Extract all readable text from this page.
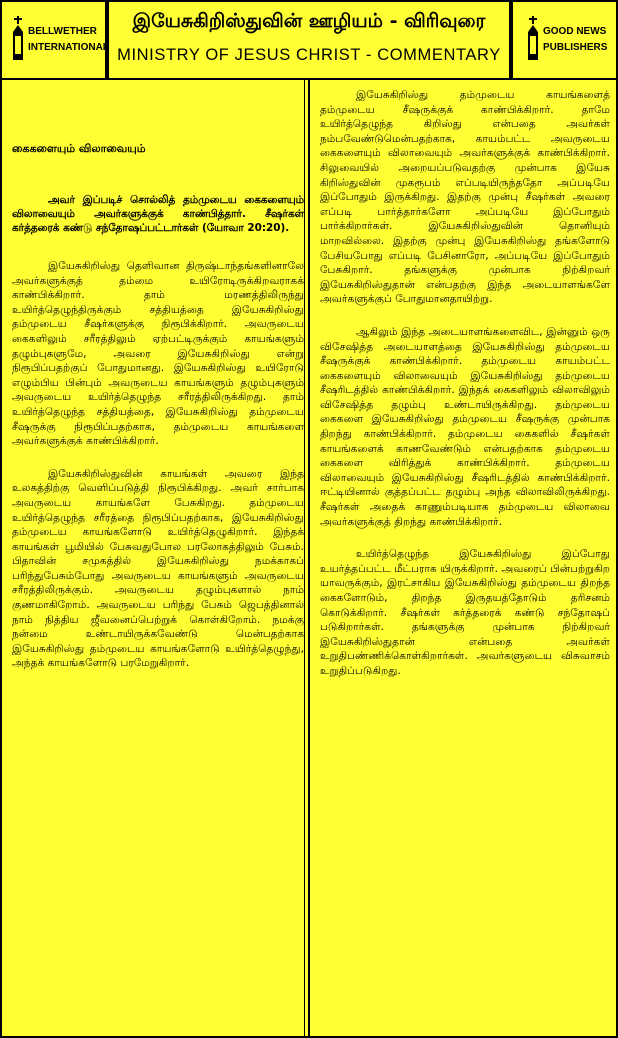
BELLWETHER
INTERNATIONAL
இயேசுகிறிஸ்துவின் ஊழியம் - விரிவுரை
MINISTRY OF JESUS CHRIST - COMMENTARY
GOOD NEWS
PUBLISHERS
கைகளையும் விலாவையும்

அவர் இப்படிச் சொல்லித் தம்முடைய கைகளையும் விலாவையும் அவர்களுக்குக் காண்பித்தார். சீஷர்கள் கர்த்தரைக் கண்டு சந்தோஷப்பட்டார்கள் (யோவா 20:20).

இயேசுகிறிஸ்து தெளிவான திருஷ்டாந்தங்களினாலே அவர்களுக்குத் தம்மை உயிரோடிருக்கிறவராகக் காண்பிக்கிறார். தாம் மரணத்திலிருந்து உயிர்த்தெழுந்திருக்கும் சத்தியத்தை இயேசுகிறிஸ்து தம்முடைய சீஷர்களுக்கு நிரூபிக்கிறார். அவருடைய கைகளிலும் சரீரத்திலும் ஏற்பட்டிருக்கும் காயங்களும் தழும்புகளுமே, அவரை இயேசுகிறிஸ்து என்று நிரூபிப்பதற்குப் போதுமானது. இயேசுகிறிஸ்து உயிரோடு எழும்பிய பின்பும் அவருடைய காயங்களும் தழும்புகளும் அவருடைய உயிர்த்தெழுந்த சரீரத்திலிருக்கிறது. தாம் உயிர்த்தெழுந்த சத்தியத்தை, இயேசுகிறிஸ்து தம்முடைய சீஷருக்கு நிரூபிப்பதற்காக, தம்முடைய காயங்களை அவர்களுக்குக் காண்பிக்கிறார்.

இயேசுகிறிஸ்துவின் காயங்கள் அவரை இந்த உலகத்திற்கு வெளிப்படுத்தி நிரூபிக்கிறது. அவர் சார்பாக அவருடைய காயங்களே பேசுகிறது. தம்முடைய உயிர்த்தெழுந்த சரீரத்தை நிரூபிப்பதற்காக, இயேசுகிறிஸ்து தம்முடைய காயங்களோடு உயிர்த்தெழுகிறார். இந்தக் காயங்கள் பூமியில் பேசுவதுபோல பரலோகத்திலும் பேசும். பிதாவின் சமுகத்தில் இயேசுகிறிஸ்து நமக்காகப் பரிந்துபேசும்போது அவருடைய காயங்களும் அவருடைய சரீரத்திலிருக்கும். அவருடைய தழும்புகளால் நாம் குணமாகிறோம். அவருடைய பரிந்து பேசும் ஜெபத்தினால் நாம் நித்திய ஜீவனைப்பெற்றுக் கொள்கிறோம். நமக்கு நன்மை உண்டாயிருக்கவேண்டு மென்பதற்காக இயேசுகிறிஸ்து தம்முடைய காயங்களோடு உயிர்த்தெழுந்து, அந்தக் காயங்களோடு பரமேறுகிறார்.

இயேசுகிறிஸ்து தம்முடைய காயங்களைத் தம்முடைய சீஷருக்குக் காண்பிக்கிறார். தாமே உயிர்த்தெழுந்த கிறிஸ்து என்பதை அவர்கள் நம்பவேண்டுமென்பதற்காக, காயம்பட்ட அவருடைய கைகளையும் விலாவையும் அவர்களுக்குக் காண்பிக்கிறார். சிலுவையில் அறையப்படுவதற்கு முன்பாக இயேசு கிறிஸ்துவின் முகரூபம் எப்படியிருந்ததோ அப்படியே இப்போதும் இருக்கிறது. இதற்கு முன்பு சீஷர்கள் அவரை எப்படி பார்த்தார்களோ அப்படியே இப்போதும் பார்க்கிறார்கள். இயேசுகிறிஸ்துவின் தொனியும் மாறவில்லை. இதற்கு முன்பு இயேசுகிறிஸ்து தங்களோடு பேசியபோது எப்படி பேசினாரோ, அப்படியே இப்போதும் பேசுகிறார். தங்களுக்கு முன்பாக நிற்கிறவர் இயேசுகிறிஸ்துதான் என்பதற்கு இந்த அடையாளங்களே அவர்களுக்குப் போதுமானதாயிற்று.

ஆகிலும் இந்த அடையாளங்களைவிட, இன்னும் ஒரு விசேஷித்த அடையாளத்தை இயேசுகிறிஸ்து தம்முடைய சீஷருக்குக் காண்பிக்கிறார். தம்முடைய காயம்பட்ட கைகளையும் விலாவையும் இயேசுகிறிஸ்து தம்முடைய சீஷரிடத்தில் காண்பிக்கிறார். இந்தக் கைகளிலும் விலாவிலும் விசேஷித்த தழும்பு உண்டாயிருக்கிறது. தம்முடைய கைகளை இயேசுகிறிஸ்து தம்முடைய சீஷருக்கு முன்பாக திறந்து காண்பிக்கிறார். தம்முடைய கைகளில் சீஷர்கள் காயங்களைக் காணவேண்டும் என்பதற்காக தம்முடைய கைகளை விரித்துக் காண்பிக்கிறார். தம்முடைய விலாவையும் இயேசுகிறிஸ்து சீஷரிடத்தில் காண்பிக்கிறார். ஈட்டியினால் குத்தப்பட்ட தழும்பு அந்த விலாவிலிருக்கிறது. சீஷர்கள் அதைக் காணும்படியாக தம்முடைய விலாவை அவர்களுக்குத் திறந்து காண்பிக்கிறார்.

உயிர்த்தெழுந்த இயேசுகிறிஸ்து இப்போது உயர்த்தப்பட்ட மீட்பராக யிருக்கிறார். அவரைப் பின்பற்றுகிற யாவருக்கும், இரட்சாகிய இயேசுகிறிஸ்து தம்முடைய திறந்த கைகளோடும், திறந்த இருதயத்தோடும் தரிசனம் கொடுக்கிறார். சீஷர்கள் கர்த்தரைக் கண்டு சந்தோஷப் படுகிறார்கள். தங்களுக்கு முன்பாக நிற்கிறவர் இயேசுகிறிஸ்துதான் என்பதை அவர்கள் உறுதிபண்ணிக்கொள்கிறார்கள். அவர்களுடைய விசுவாசம் உறுதிப்படுகிறது.
